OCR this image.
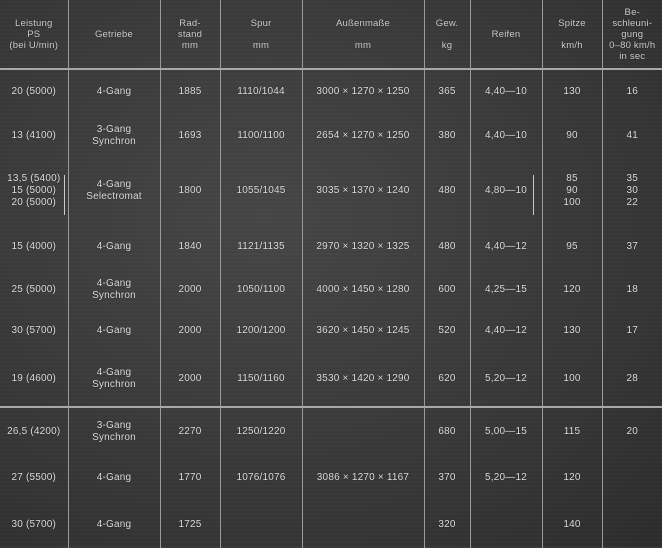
Leistung
PS
(bei U/min)	Getriebe	Rad-
stand
mm	Spur

mm	Außenmaße

mm	Gew.

kg	Reifen	Spitze

km/h	Be-
schleuni-
gung
0–80 km/h
in sec

20 (5000)	4-Gang	1885	1110/1044	3000 × 1270 × 1250	365	4,40—10	130	16

13 (4100)	3-Gang
Synchron	1693	1100/1100	2654 × 1270 × 1250	380	4,40—10	90	41

13,5 (5400)
15 (5000)
20 (5000)	4-Gang
Selectromat	1800	1055/1045	3035 × 1370 × 1240	480	4,80—10	85
90
100	35
30
22

15 (4000)	4-Gang	1840	1121/1135	2970 × 1320 × 1325	480	4,40—12	95	37

25 (5000)	4-Gang
Synchron	2000	1050/1100	4000 × 1450 × 1280	600	4,25—15	120	18

30 (5700)	4-Gang	2000	1200/1200	3620 × 1450 × 1245	520	4,40—12	130	17

19 (4600)	4-Gang
Synchron	2000	1150/1160	3530 × 1420 × 1290	620	5,20—12	100	28

26,5 (4200)	3-Gang
Synchron	2270	1250/1220		680	5,00—15	115	20

27 (5500)	4-Gang	1770	1076/1076	3086 × 1270 × 1167	370	5,20—12	120	

30 (5700)	4-Gang	1725			320		140	
